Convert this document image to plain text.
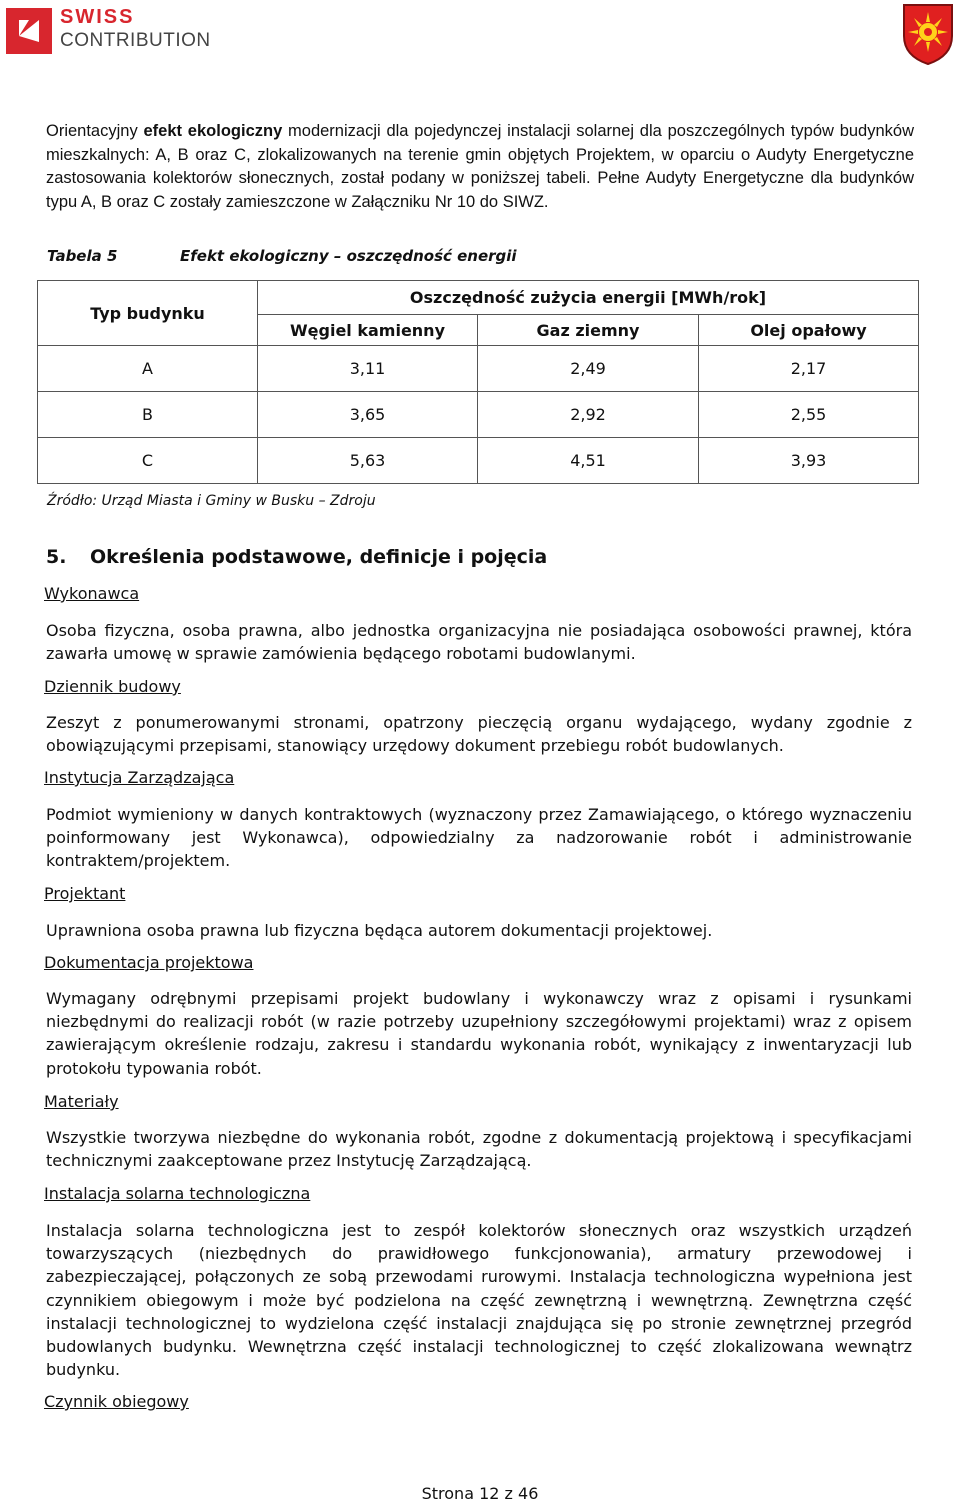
SWISS
CONTRIBUTION
Orientacyjny efekt ekologiczny modernizacji dla pojedynczej instalacji solarnej dla poszczególnych typów budynków mieszkalnych: A, B oraz C, zlokalizowanych na terenie gmin objętych Projektem, w oparciu o Audyty Energetyczne zastosowania kolektorów słonecznych, został podany w poniższej tabeli. Pełne Audyty Energetyczne dla budynków typu A, B oraz C zostały zamieszczone w Załączniku Nr 10 do SIWZ.
Tabela 5	Efekt ekologiczny – oszczędność energii
Typ budynku	Oszczędność zużycia energii [MWh/rok]		
	Węgiel kamienny	Gaz ziemny	Olej opałowy
A	3,11	2,49	2,17
B	3,65	2,92	2,55
C	5,63	4,51	3,93
Źródło: Urząd Miasta i Gminy w Busku – Zdroju
5. Określenia podstawowe, definicje i pojęcia
Wykonawca
Osoba fizyczna, osoba prawna, albo jednostka organizacyjna nie posiadająca osobowości prawnej, która zawarła umowę w sprawie zamówienia będącego robotami budowlanymi.
Dziennik budowy
Zeszyt z ponumerowanymi stronami, opatrzony pieczęcią organu wydającego, wydany zgodnie z obowiązującymi przepisami, stanowiący urzędowy dokument przebiegu robót budowlanych.
Instytucja Zarządzająca
Podmiot wymieniony w danych kontraktowych (wyznaczony przez Zamawiającego, o którego wyznaczeniu poinformowany jest Wykonawca), odpowiedzialny za nadzorowanie robót i administrowanie kontraktem/projektem.
Projektant
Uprawniona osoba prawna lub fizyczna będąca autorem dokumentacji projektowej.
Dokumentacja projektowa
Wymagany odrębnymi przepisami projekt budowlany i wykonawczy wraz z opisami i rysunkami niezbędnymi do realizacji robót (w razie potrzeby uzupełniony szczegółowymi projektami) wraz z opisem zawierającym określenie rodzaju, zakresu i standardu wykonania robót, wynikający z inwentaryzacji lub protokołu typowania robót.
Materiały
Wszystkie tworzywa niezbędne do wykonania robót, zgodne z dokumentacją projektową i specyfikacjami technicznymi zaakceptowane przez Instytucję Zarządzającą.
Instalacja solarna technologiczna
Instalacja solarna technologiczna jest to zespół kolektorów słonecznych oraz wszystkich urządzeń towarzyszących (niezbędnych do prawidłowego funkcjonowania), armatury przewodowej i zabezpieczającej, połączonych ze sobą przewodami rurowymi. Instalacja technologiczna wypełniona jest czynnikiem obiegowym i może być podzielona na część zewnętrzną i wewnętrzną. Zewnętrzna część instalacji technologicznej to wydzielona część instalacji znajdująca się po stronie zewnętrznej przegród budowlanych budynku. Wewnętrzna część instalacji technologicznej to część zlokalizowana wewnątrz budynku.
Czynnik obiegowy
Strona 12 z 46
